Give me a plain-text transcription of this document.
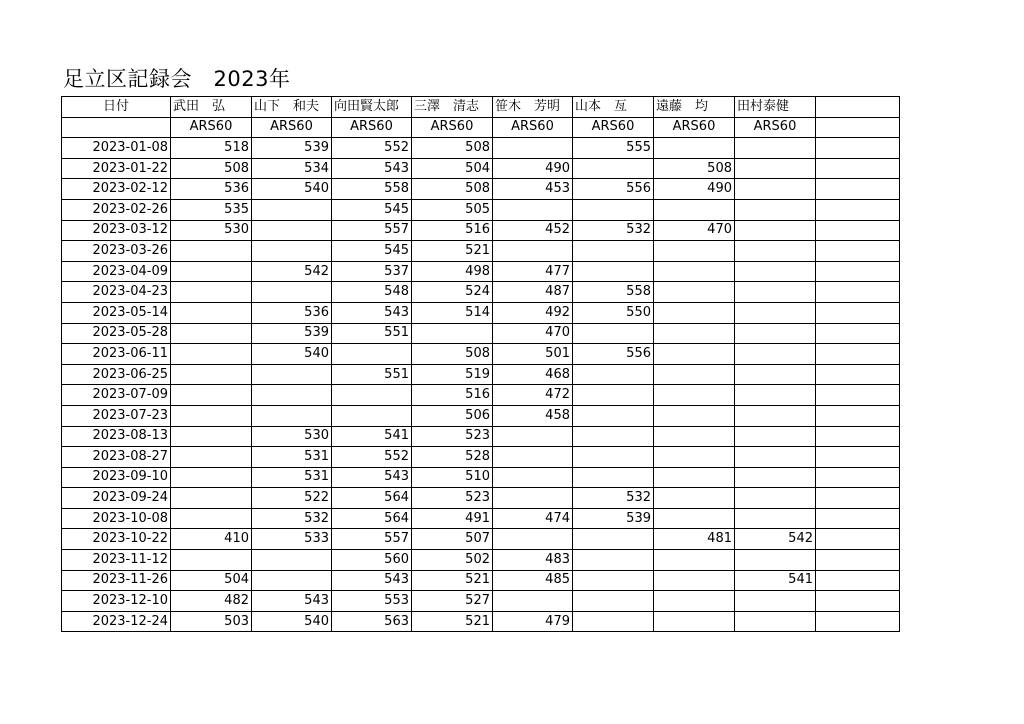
足立区記録会　2023年
日付	武田　弘	山下　和夫	向田賢太郎	三澤　清志	笹木　芳明	山本　亙	遠藤　均	田村泰健	
	ARS60	ARS60	ARS60	ARS60	ARS60	ARS60	ARS60	ARS60	
2023-01-08	518	539	552	508		555			
2023-01-22	508	534	543	504	490		508		
2023-02-12	536	540	558	508	453	556	490		
2023-02-26	535		545	505					
2023-03-12	530		557	516	452	532	470		
2023-03-26			545	521					
2023-04-09		542	537	498	477				
2023-04-23			548	524	487	558			
2023-05-14		536	543	514	492	550			
2023-05-28		539	551		470				
2023-06-11		540		508	501	556			
2023-06-25			551	519	468				
2023-07-09				516	472				
2023-07-23				506	458				
2023-08-13		530	541	523					
2023-08-27		531	552	528					
2023-09-10		531	543	510					
2023-09-24		522	564	523		532			
2023-10-08		532	564	491	474	539			
2023-10-22	410	533	557	507			481	542	
2023-11-12			560	502	483				
2023-11-26	504		543	521	485			541	
2023-12-10	482	543	553	527					
2023-12-24	503	540	563	521	479				
